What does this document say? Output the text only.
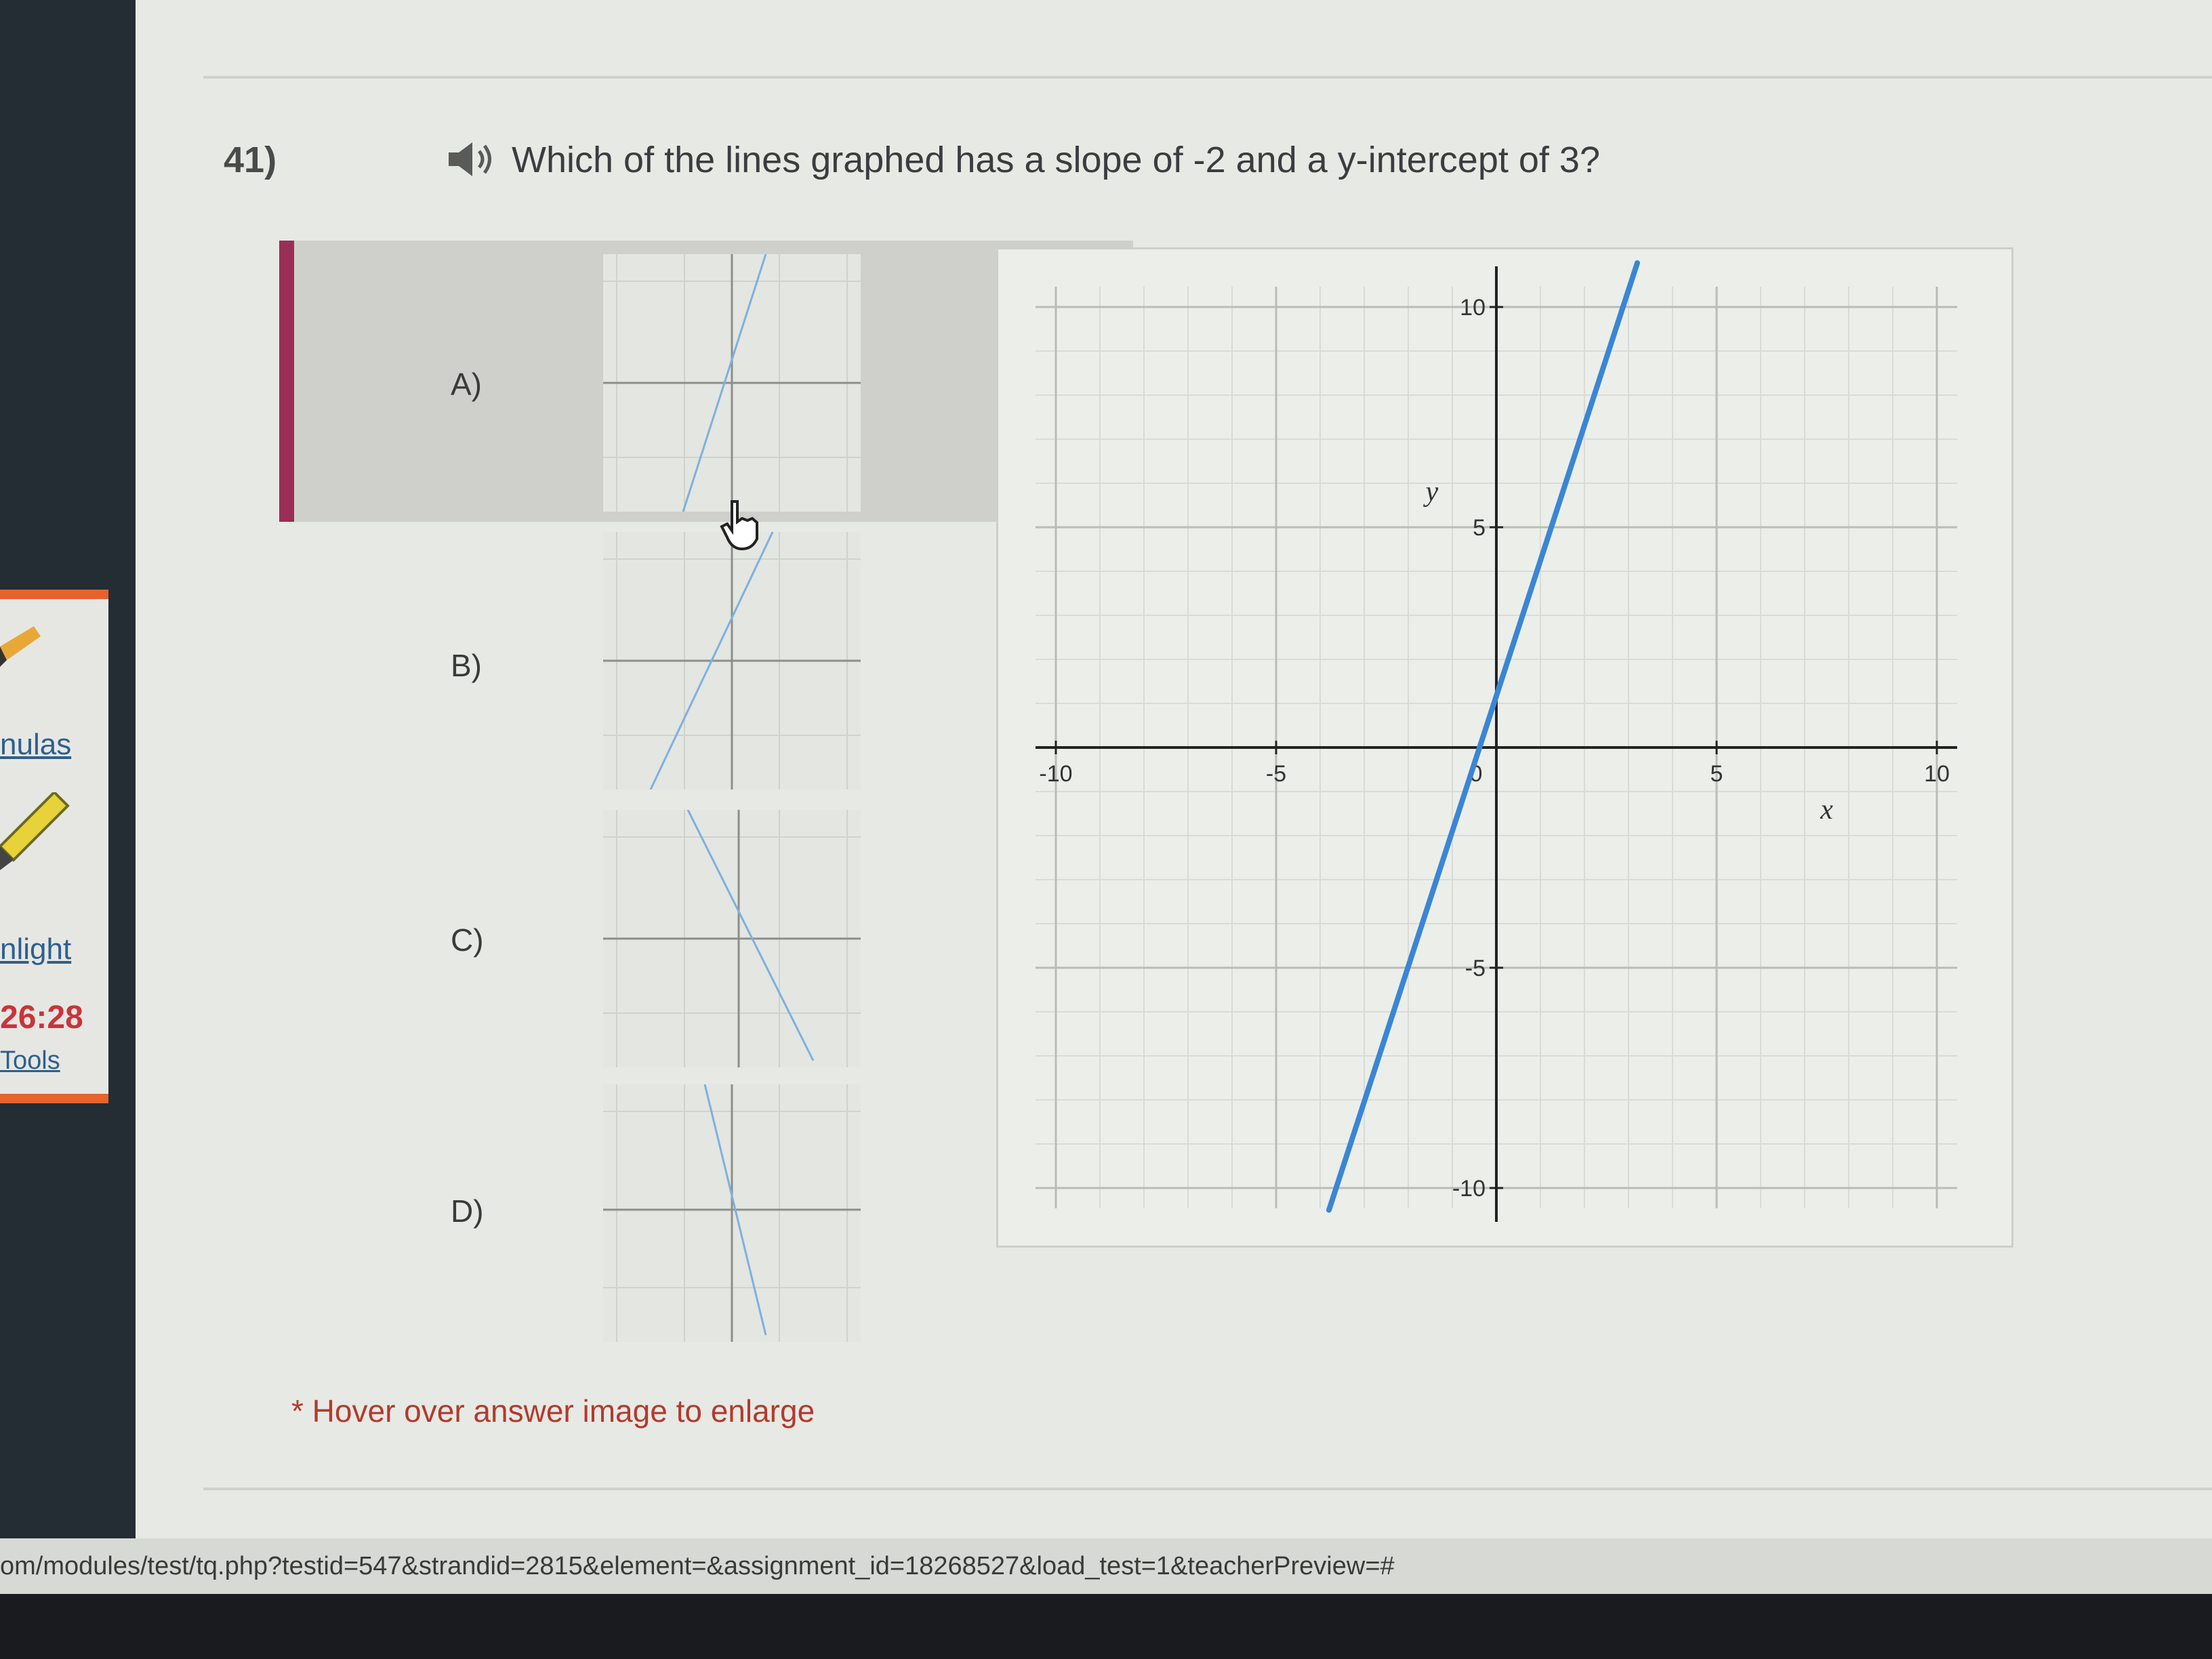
nulas
nlight
26:28
Tools
41)	Which of the lines graphed has a slope of -2 and a y-intercept of 3?
A)
B)
C)
D)
-10	-5	0	5	10
10
5
-5
-10
x
y
* Hover over answer image to enlarge
om/modules/test/tq.php?testid=547&strandid=2815&element=&assignment_id=18268527&load_test=1&teacherPreview=#
